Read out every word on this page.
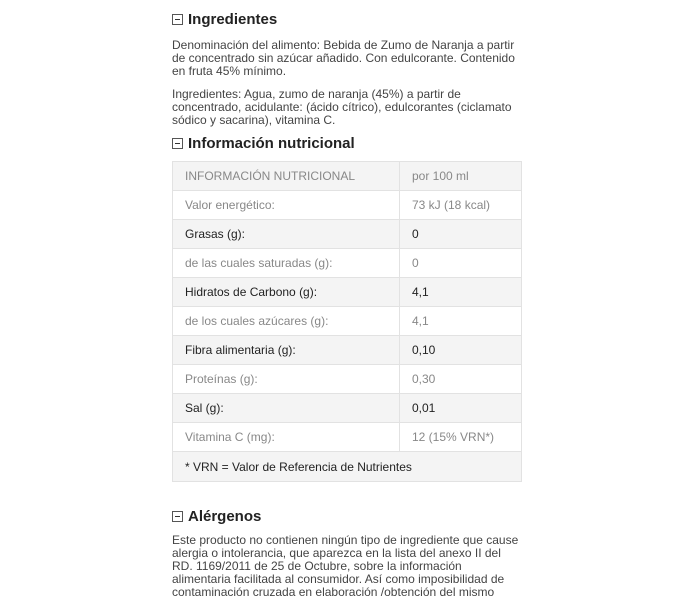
Ingredientes

Denominación del alimento: Bebida de Zumo de Naranja a partir de concentrado sin azúcar añadido. Con edulcorante. Contenido en fruta 45% mínimo.

Ingredientes: Agua, zumo de naranja (45%) a partir de concentrado, acidulante: (ácido cítrico), edulcorantes (ciclamato sódico y sacarina), vitamina C.

Información nutricional
INFORMACIÓN NUTRICIONAL	por 100 ml
Valor energético:	73 kJ (18 kcal)
Grasas (g):	0
de las cuales saturadas (g):	0
Hidratos de Carbono (g):	4,1
de los cuales azúcares (g):	4,1
Fibra alimentaria (g):	0,10
Proteínas (g):	0,30
Sal (g):	0,01
Vitamina C (mg):	12 (15% VRN*)
* VRN = Valor de Referencia de Nutrientes	
Alérgenos

Este producto no contienen ningún tipo de ingrediente que cause alergia o intolerancia, que aparezca en la lista del anexo II del RD. 1169/2011 de 25 de Octubre, sobre la información alimentaria facilitada al consumidor. Así como imposibilidad de contaminación cruzada en elaboración /obtención del mismo
